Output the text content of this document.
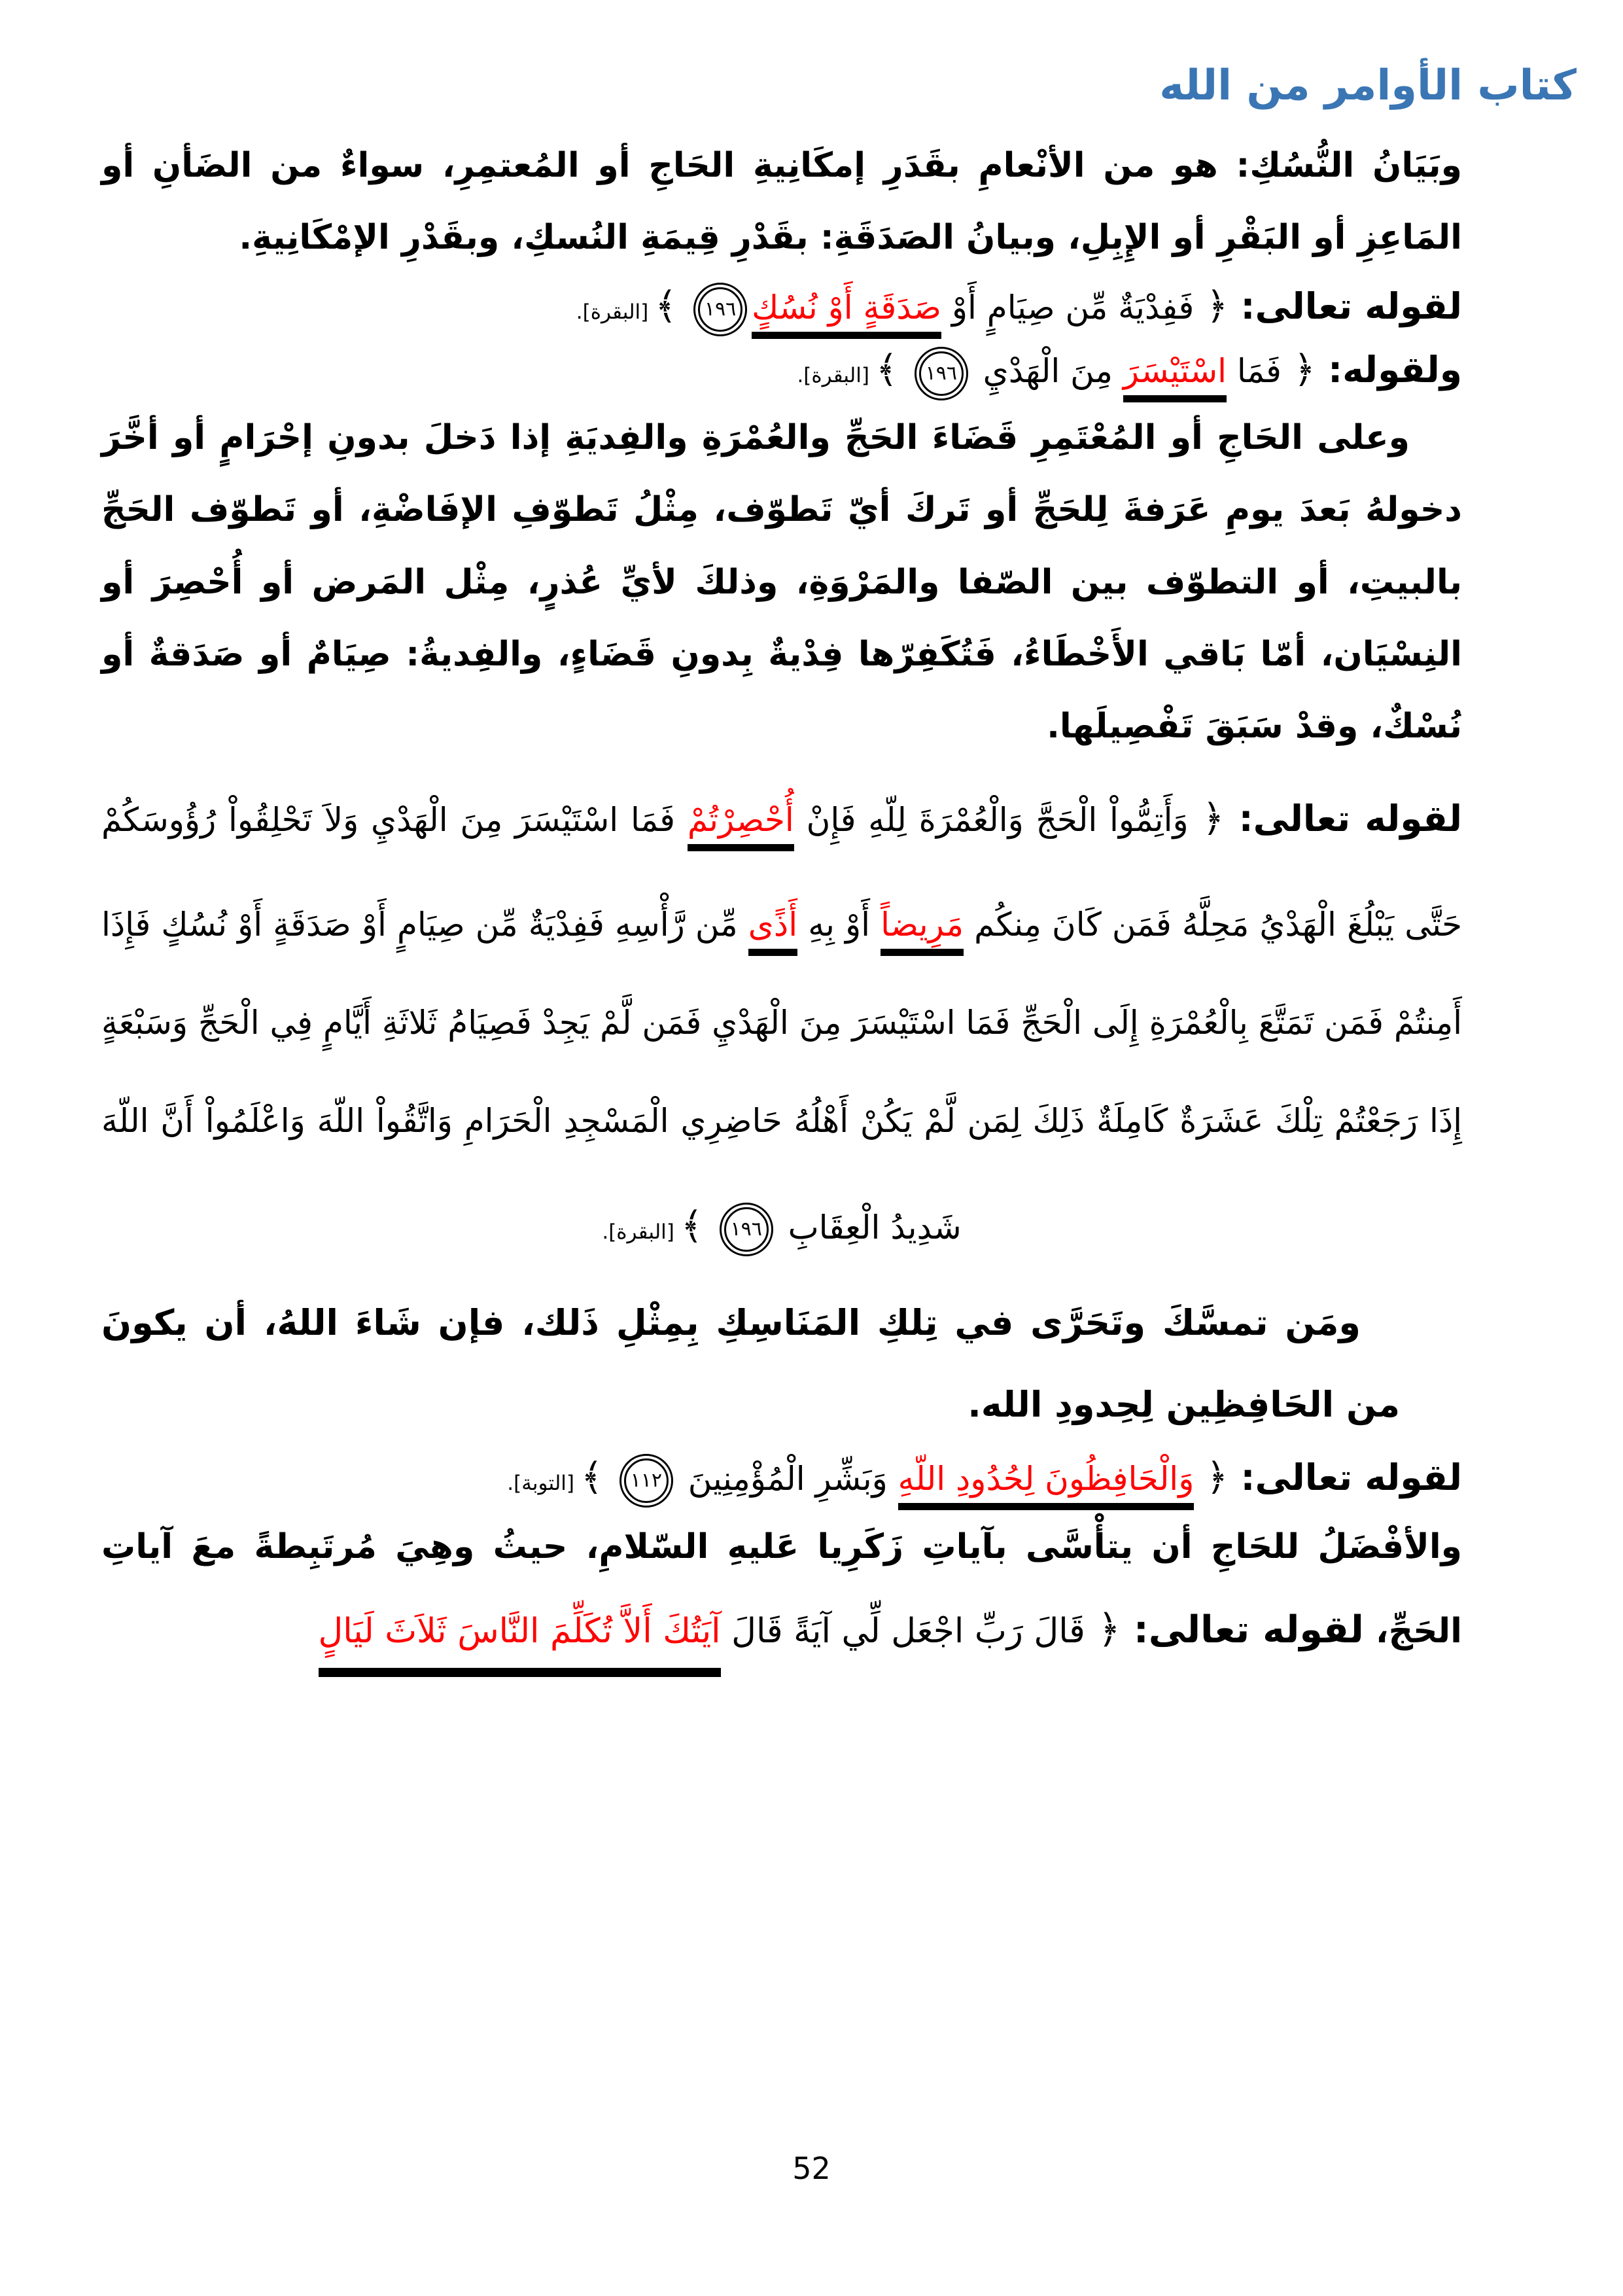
كتاب الأوامر من الله

وبَيَانُ النُّسُكِ: هو من الأنْعامِ بقَدَرِ إمكَانِيةِ الحَاجِ أو المُعتمِرِ، سواءٌ من الضَأنِ أو المَاعِزِ أو البَقْرِ أو الإِبِلِ، وبيانُ الصَدَقَةِ: بقَدْرِ قِيمَةِ النُسكِ، وبقَدْرِ الإمْكَانِيةِ.

لقوله تعالى: ﴿ فَفِدْيَةٌ مِّن صِيَامٍ أَوْ صَدَقَةٍ أَوْ نُسُكٍ١٩٦ ﴾ [البقرة].

ولقوله: ﴿ فَمَا اسْتَيْسَرَ مِنَ الْهَدْيِ ١٩٦ ﴾ [البقرة].

وعلى الحَاجِ أو المُعْتَمِرِ قَضَاءَ الحَجِّ والعُمْرَةِ والفِديَةِ إذا دَخلَ بدونِ إحْرَامٍ أو أخَّرَ دخولهُ بَعدَ يومِ عَرَفةَ لِلحَجِّ أو تَركَ أيّ تَطوّف، مِثْلُ تَطوّفِ الإفَاضْةِ، أو تَطوّف الحَجِّ بالبيتِ، أو التطوّف بين الصّفا والمَرْوَةِ، وذلكَ لأيِّ عُذرٍ، مِثْل المَرض أو أُحْصِرَ أو النِسْيَان، أمّا بَاقي الأَخْطَاءُ، فَتُكَفِرّها فِدْيةٌ بِدونِ قَضَاءٍ، والفِديةُ: صِيَامٌ أو صَدَقةٌ أو نُسْكٌ، وقدْ سَبَقَ تَفْصِيلَها.

لقوله تعالى: ﴿ وَأَتِمُّواْ الْحَجَّ وَالْعُمْرَةَ لِلّهِ فَإِنْ أُحْصِرْتُمْ فَمَا اسْتَيْسَرَ مِنَ الْهَدْيِ وَلاَ تَحْلِقُواْ رُؤُوسَكُمْ حَتَّى يَبْلُغَ الْهَدْيُ مَحِلَّهُ فَمَن كَانَ مِنكُم مَرِيضاً أَوْ بِهِ أَذًى مِّن رَّأْسِهِ فَفِدْيَةٌ مِّن صِيَامٍ أَوْ صَدَقَةٍ أَوْ نُسُكٍ فَإِذَا أَمِنتُمْ فَمَن تَمَتَّعَ بِالْعُمْرَةِ إِلَى الْحَجِّ فَمَا اسْتَيْسَرَ مِنَ الْهَدْيِ فَمَن لَّمْ يَجِدْ فَصِيَامُ ثَلاثَةِ أَيَّامٍ فِي الْحَجِّ وَسَبْعَةٍ إِذَا رَجَعْتُمْ تِلْكَ عَشَرَةٌ كَامِلَةٌ ذَلِكَ لِمَن لَّمْ يَكُنْ أَهْلُهُ حَاضِرِي الْمَسْجِدِ الْحَرَامِ وَاتَّقُواْ اللّهَ وَاعْلَمُواْ أَنَّ اللّهَ شَدِيدُ الْعِقَابِ ١٩٦ ﴾ [البقرة].

ومَن تمسَّكَ وتَحَرَّى في تِلكِ المَنَاسِكِ بِمِثْلِ ذَلك، فإن شَاءَ اللهُ، أن يكونَ من الحَافِظِين لِحِدودِ الله.

لقوله تعالى: ﴿ وَالْحَافِظُونَ لِحُدُودِ اللّهِ وَبَشِّرِ الْمُؤْمِنِينَ ١١٢ ﴾ [التوبة].

والأفْضَلُ للحَاجِ أن يتأْسَّى بآياتِ زَكَرِيا عَليهِ السّلامِ، حيثُ وهِيَ مُرتَبِطةً معَ آياتِ الحَجِّ، لقوله تعالى: ﴿ قَالَ رَبِّ اجْعَل لِّي آيَةً قَالَ آيَتُكَ أَلاَّ تُكَلِّمَ النَّاسَ ثَلاَثَ لَيَالٍ

52
